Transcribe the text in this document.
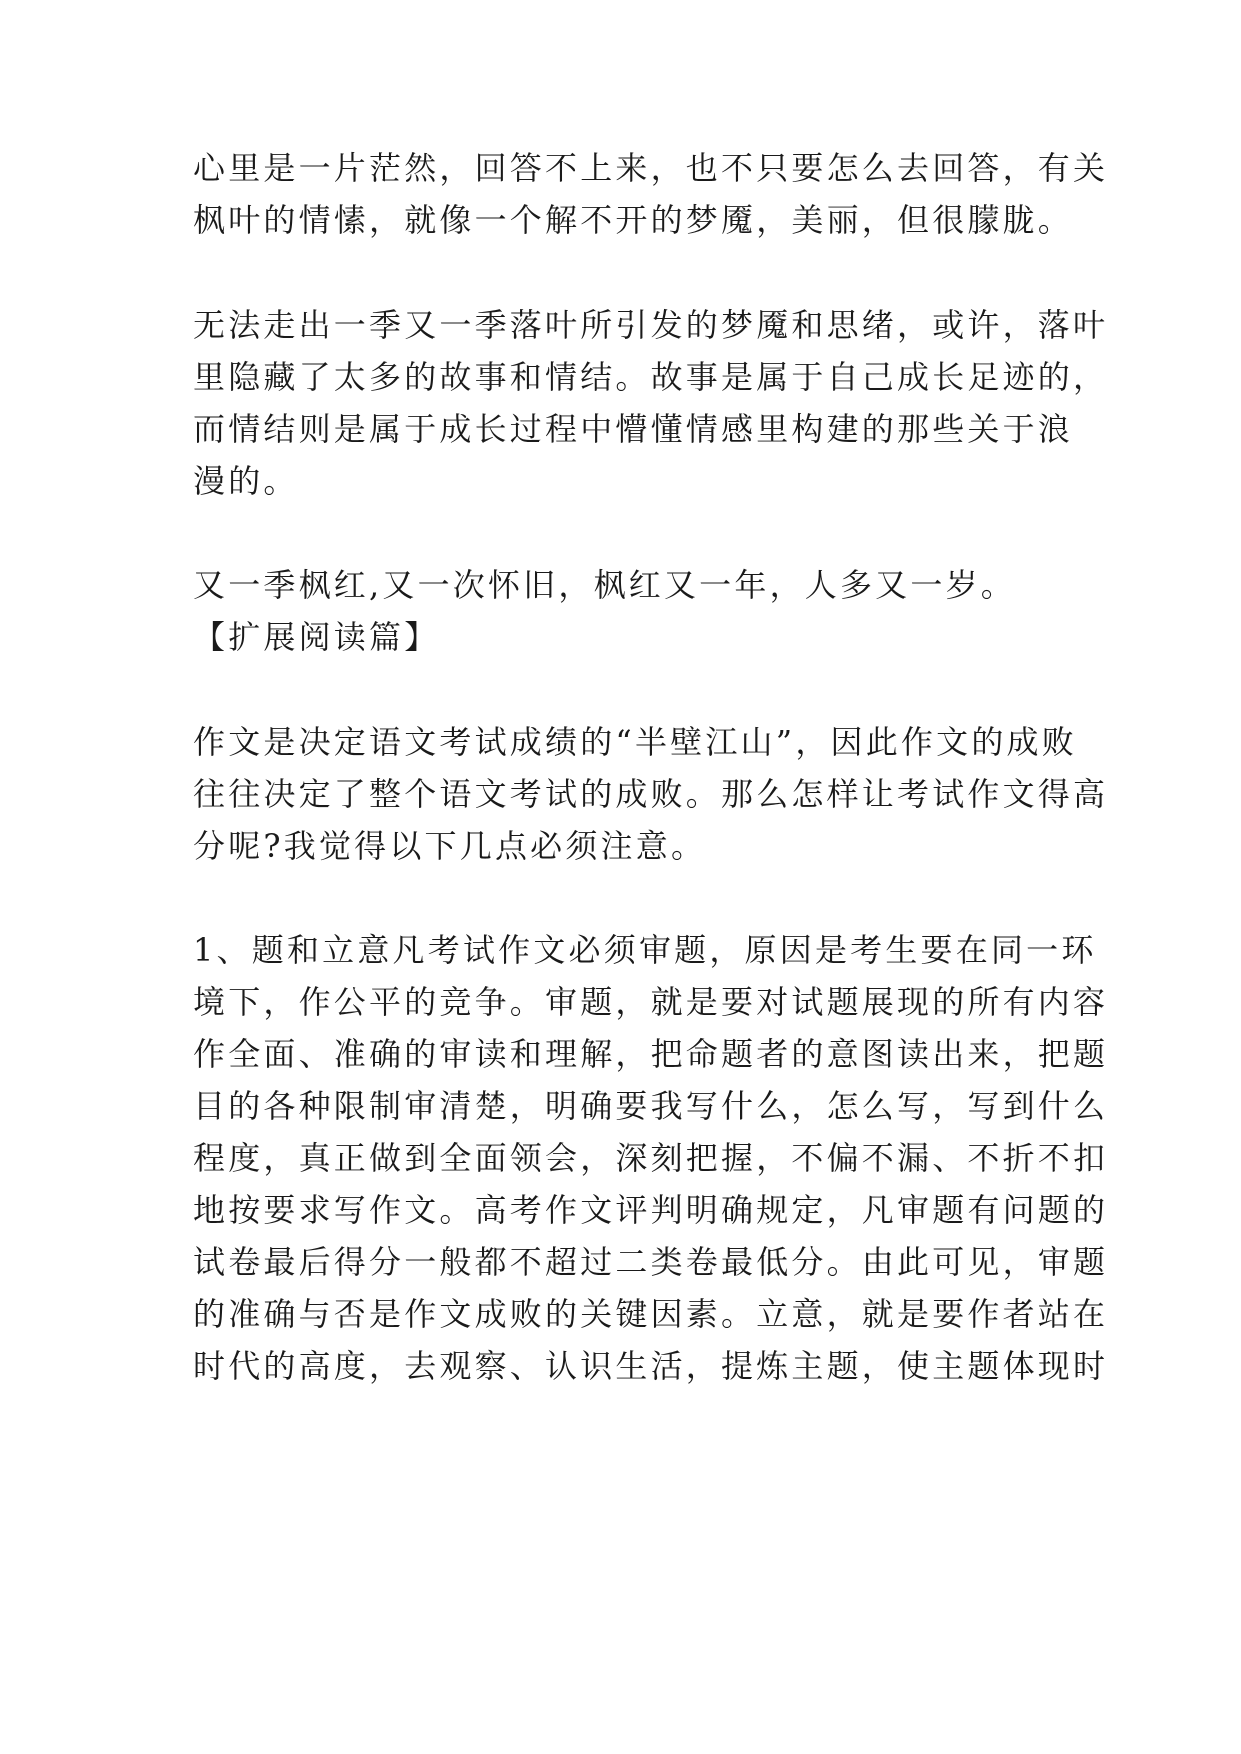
心里是一片茫然，回答不上来，也不只要怎么去回答，有关
枫叶的情愫，就像一个解不开的梦魇，美丽，但很朦胧。
无法走出一季又一季落叶所引发的梦魇和思绪，或许，落叶
里隐藏了太多的故事和情结。故事是属于自己成长足迹的，
而情结则是属于成长过程中懵懂情感里构建的那些关于浪
漫的。
又一季枫红,又一次怀旧，枫红又一年，人多又一岁。
【扩展阅读篇】
作文是决定语文考试成绩的“半壁江山”，因此作文的成败
往往决定了整个语文考试的成败。那么怎样让考试作文得高
分呢?我觉得以下几点必须注意。
1、题和立意凡考试作文必须审题，原因是考生要在同一环
境下，作公平的竞争。审题，就是要对试题展现的所有内容
作全面、准确的审读和理解，把命题者的意图读出来，把题
目的各种限制审清楚，明确要我写什么，怎么写，写到什么
程度，真正做到全面领会，深刻把握，不偏不漏、不折不扣
地按要求写作文。高考作文评判明确规定，凡审题有问题的
试卷最后得分一般都不超过二类卷最低分。由此可见，审题
的准确与否是作文成败的关键因素。立意，就是要作者站在
时代的高度，去观察、认识生活，提炼主题，使主题体现时
